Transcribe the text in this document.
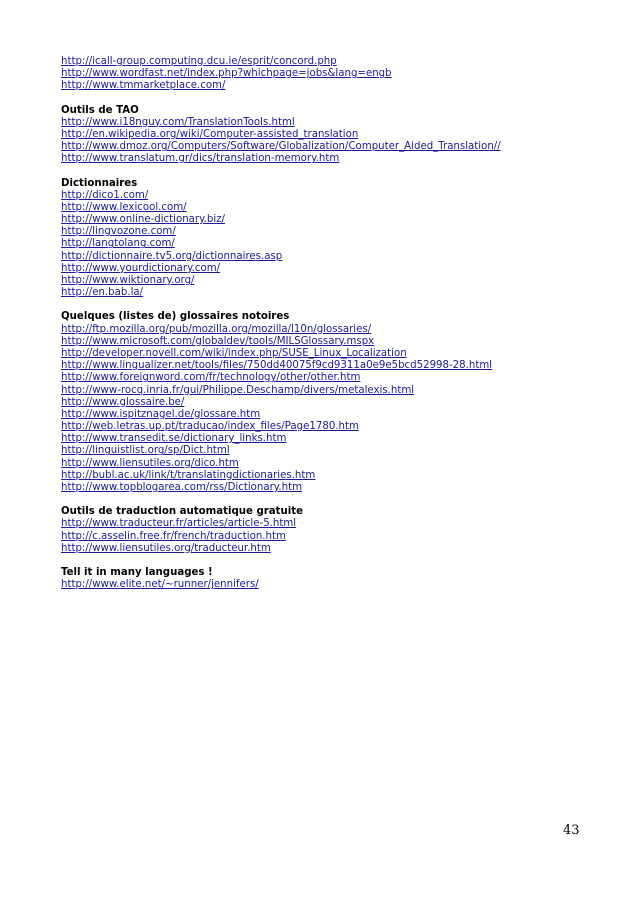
http://icall-group.computing.dcu.ie/esprit/concord.php
http://www.wordfast.net/index.php?whichpage=jobs&lang=engb
http://www.tmmarketplace.com/
Outils de TAO
http://www.i18nguy.com/TranslationTools.html
http://en.wikipedia.org/wiki/Computer-assisted_translation
http://www.dmoz.org/Computers/Software/Globalization/Computer_Aided_Translation//
http://www.translatum.gr/dics/translation-memory.htm
Dictionnaires
http://dico1.com/
http://www.lexicool.com/
http://www.online-dictionary.biz/
http://lingvozone.com/
http://langtolang.com/
http://dictionnaire.tv5.org/dictionnaires.asp
http://www.yourdictionary.com/
http://www.wiktionary.org/
http://en.bab.la/
Quelques (listes de) glossaires notoires
http://ftp.mozilla.org/pub/mozilla.org/mozilla/l10n/glossaries/
http://www.microsoft.com/globaldev/tools/MILSGlossary.mspx
http://developer.novell.com/wiki/index.php/SUSE_Linux_Localization
http://www.lingualizer.net/tools/files/750dd40075f9cd9311a0e9e5bcd52998-28.html
http://www.foreignword.com/fr/technology/other/other.htm
http://www-rocq.inria.fr/gui/Philippe.Deschamp/divers/metalexis.html
http://www.glossaire.be/
http://www.ispitznagel.de/glossare.htm
http://web.letras.up.pt/traducao/index_files/Page1780.htm
http://www.transedit.se/dictionary_links.htm
http://linguistlist.org/sp/Dict.html
http://www.liensutiles.org/dico.htm
http://bubl.ac.uk/link/t/translatingdictionaries.htm
http://www.topblogarea.com/rss/Dictionary.htm
Outils de traduction automatique gratuite
http://www.traducteur.fr/articles/article-5.html
http://c.asselin.free.fr/french/traduction.htm
http://www.liensutiles.org/traducteur.htm
Tell it in many languages !
http://www.elite.net/~runner/jennifers/
43
